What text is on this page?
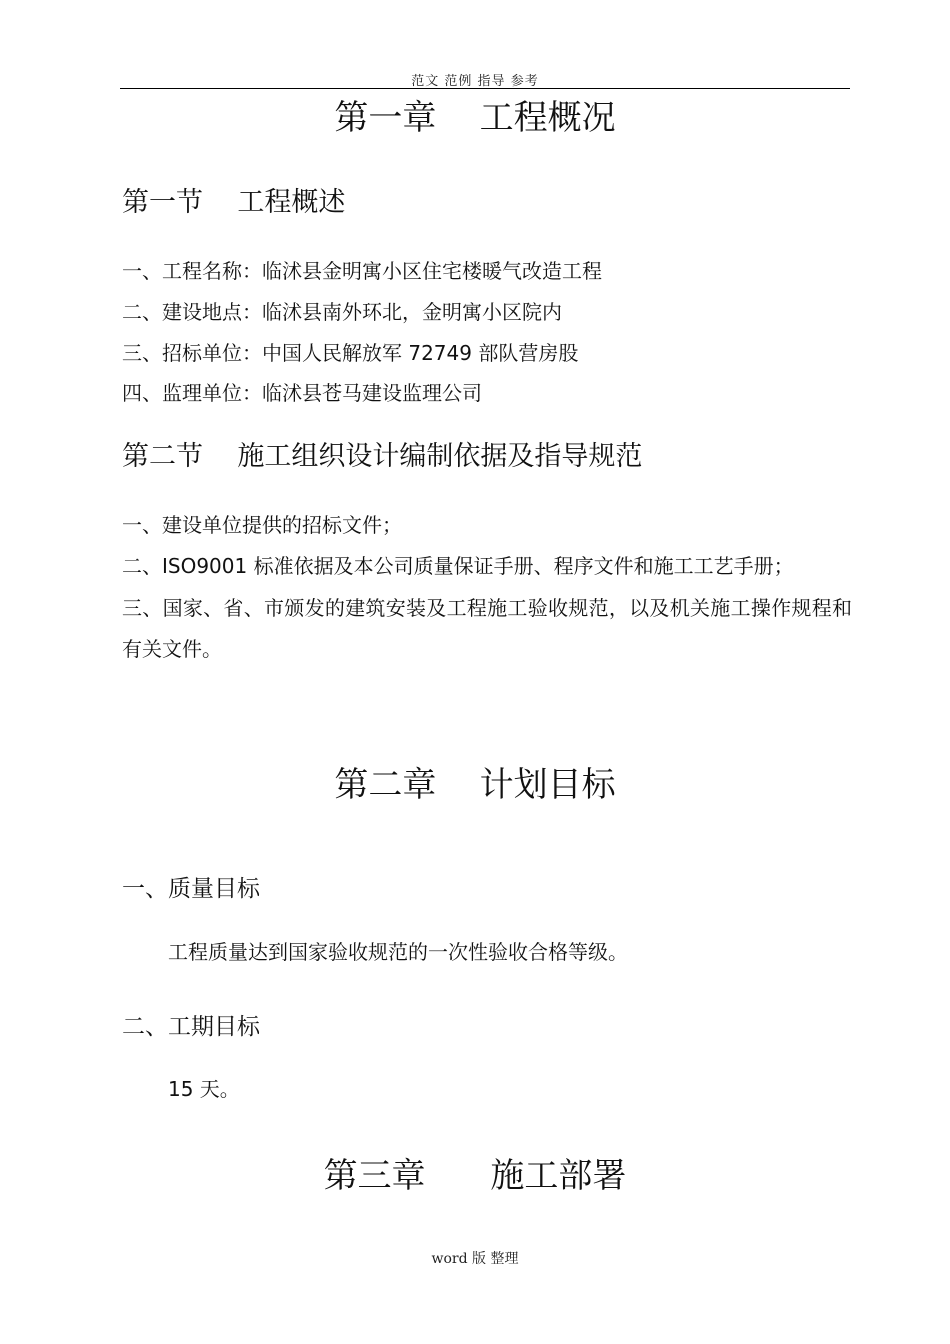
范文 范例 指导 参考
第一章    工程概况
第一节    工程概述
一、工程名称：临沭县金明寓小区住宅楼暖气改造工程
二、建设地点：临沭县南外环北，金明寓小区院内
三、招标单位：中国人民解放军 72749 部队营房股
四、监理单位：临沭县苍马建设监理公司
第二节    施工组织设计编制依据及指导规范
一、建设单位提供的招标文件；
二、ISO9001 标准依据及本公司质量保证手册、程序文件和施工工艺手册；
三、国家、省、市颁发的建筑安装及工程施工验收规范，以及机关施工操作规程和有关文件。
第二章    计划目标
一、质量目标
工程质量达到国家验收规范的一次性验收合格等级。
二、工期目标
15 天。
第三章      施工部署
word 版 整理
